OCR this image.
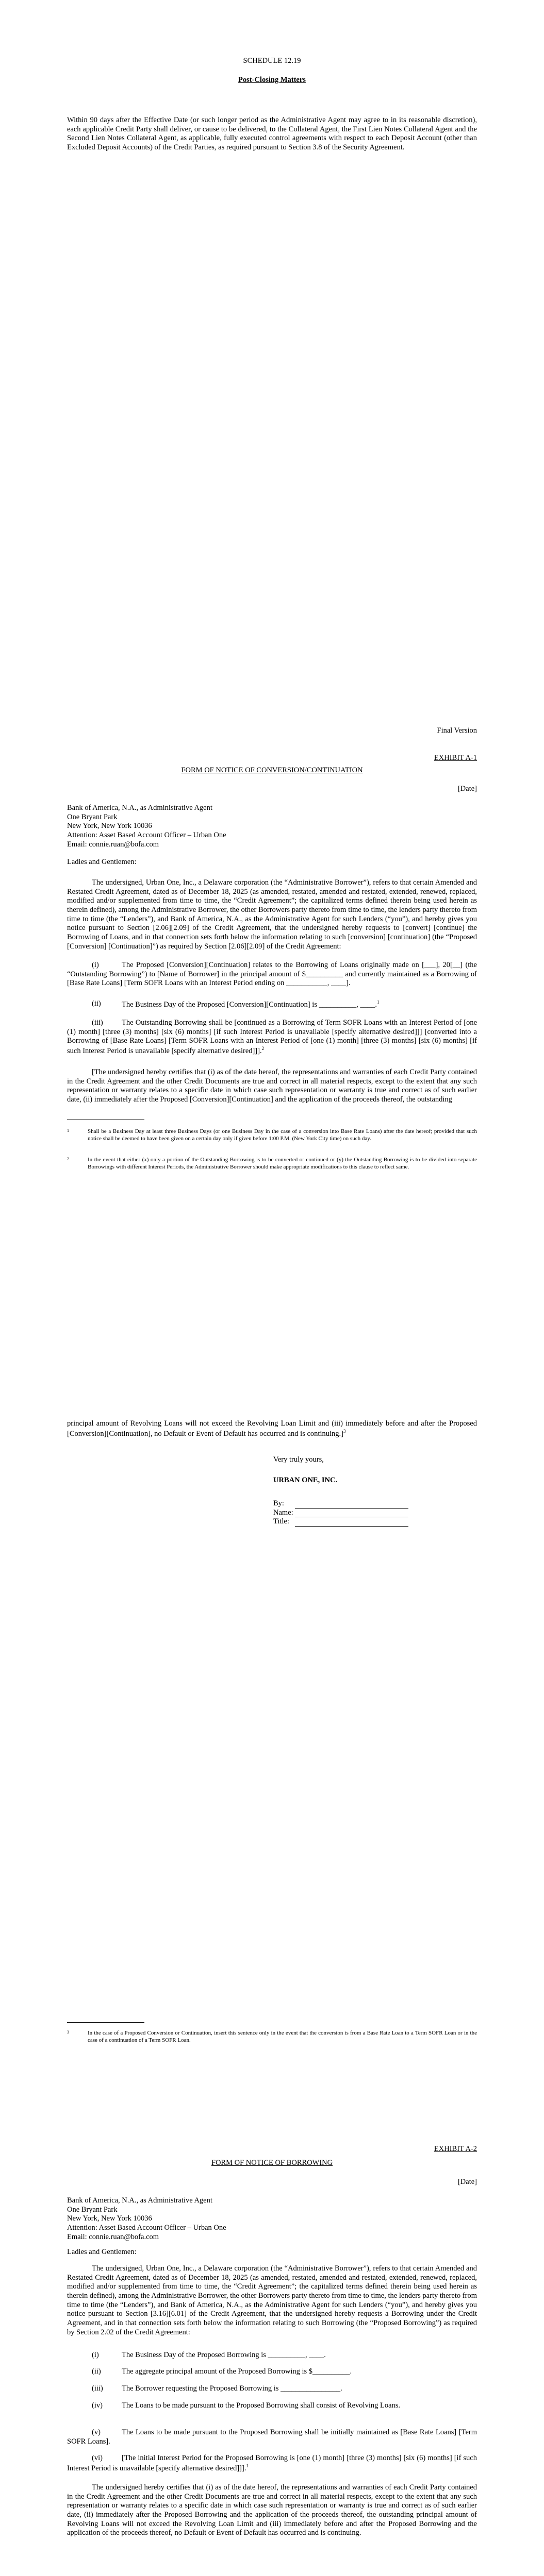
SCHEDULE 12.19

Post-Closing Matters

Within 90 days after the Effective Date (or such longer period as the Administrative Agent may agree to in its reasonable discretion), each applicable Credit Party shall deliver, or cause to be delivered, to the Collateral Agent, the First Lien Notes Collateral Agent and the Second Lien Notes Collateral Agent, as applicable, fully executed control agreements with respect to each Deposit Account (other than Excluded Deposit Accounts) of the Credit Parties, as required pursuant to Section 3.8 of the Security Agreement.

Final Version

EXHIBIT A-1

FORM OF NOTICE OF CONVERSION/CONTINUATION

[Date]

Bank of America, N.A., as Administrative Agent
One Bryant Park
New York, New York 10036
Attention: Asset Based Account Officer – Urban One
Email: connie.ruan@bofa.com

Ladies and Gentlemen:

The undersigned, Urban One, Inc., a Delaware corporation (the “Administrative Borrower”), refers to that certain Amended and Restated Credit Agreement, dated as of December 18, 2025 (as amended, restated, amended and restated, extended, renewed, replaced, modified and/or supplemented from time to time, the “Credit Agreement”; the capitalized terms defined therein being used herein as therein defined), among the Administrative Borrower, the other Borrowers party thereto from time to time, the lenders party thereto from time to time (the “Lenders”), and Bank of America, N.A., as the Administrative Agent for such Lenders (“you”), and hereby gives you notice pursuant to Section [2.06][2.09] of the Credit Agreement, that the undersigned hereby requests to [convert] [continue] the Borrowing of Loans, and in that connection sets forth below the information relating to such [conversion] [continuation] (the “Proposed [Conversion] [Continuation]”) as required by Section [2.06][2.09] of the Credit Agreement:

(i)	The Proposed [Conversion][Continuation] relates to the Borrowing of Loans originally made on [___], 20[__] (the “Outstanding Borrowing”) to [Name of Borrower] in the principal amount of $__________ and currently maintained as a Borrowing of [Base Rate Loans] [Term SOFR Loans with an Interest Period ending on ___________, ____].

(ii)	The Business Day of the Proposed [Conversion][Continuation] is __________, ____.$^1$

(iii)	The Outstanding Borrowing shall be [continued as a Borrowing of Term SOFR Loans with an Interest Period of [one (1) month] [three (3) months] [six (6) months] [if such Interest Period is unavailable [specify alternative desired]]] [converted into a Borrowing of [Base Rate Loans] [Term SOFR Loans with an Interest Period of [one (1) month] [three (3) months] [six (6) months] [if such Interest Period is unavailable [specify alternative desired]]].$^2$

[The undersigned hereby certifies that (i) as of the date hereof, the representations and warranties of each Credit Party contained in the Credit Agreement and the other Credit Documents are true and correct in all material respects, except to the extent that any such representation or warranty relates to a specific date in which case such representation or warranty is true and correct as of such earlier date, (ii) immediately after the Proposed [Conversion][Continuation] and the application of the proceeds thereof, the outstanding

1	Shall be a Business Day at least three Business Days (or one Business Day in the case of a conversion into Base Rate Loans) after the date hereof; provided that such notice shall be deemed to have been given on a certain day only if given before 1:00 P.M. (New York City time) on such day.
2	In the event that either (x) only a portion of the Outstanding Borrowing is to be converted or continued or (y) the Outstanding Borrowing is to be divided into separate Borrowings with different Interest Periods, the Administrative Borrower should make appropriate modifications to this clause to reflect same.

principal amount of Revolving Loans will not exceed the Revolving Loan Limit and (iii) immediately before and after the Proposed [Conversion][Continuation], no Default or Event of Default has occurred and is continuing.]$^3$

Very truly yours,

URBAN ONE, INC.

By:
Name:
Title:
3	In the case of a Proposed Conversion or Continuation, insert this sentence only in the event that the conversion is from a Base Rate Loan to a Term SOFR Loan or in the case of a continuation of a Term SOFR Loan.

EXHIBIT A-2

FORM OF NOTICE OF BORROWING

[Date]

Bank of America, N.A., as Administrative Agent
One Bryant Park
New York, New York 10036
Attention: Asset Based Account Officer – Urban One
Email: connie.ruan@bofa.com

Ladies and Gentlemen:

The undersigned, Urban One, Inc., a Delaware corporation (the “Administrative Borrower”), refers to that certain Amended and Restated Credit Agreement, dated as of December 18, 2025 (as amended, restated, amended and restated, extended, renewed, replaced, modified and/or supplemented from time to time, the “Credit Agreement”; the capitalized terms defined therein being used herein as therein defined), among the Administrative Borrower, the other Borrowers party thereto from time to time, the lenders party thereto from time to time (the “Lenders”), and Bank of America, N.A., as the Administrative Agent for such Lenders (“you”), and hereby gives you notice pursuant to Section [3.16][6.01] of the Credit Agreement, that the undersigned hereby requests a Borrowing under the Credit Agreement, and in that connection sets forth below the information relating to such Borrowing (the “Proposed Borrowing”) as required by Section 2.02 of the Credit Agreement:

(i)	The Business Day of the Proposed Borrowing is __________, ____.

(ii)	The aggregate principal amount of the Proposed Borrowing is $__________.

(iii)	The Borrower requesting the Proposed Borrowing is ________________.

(iv)	The Loans to be made pursuant to the Proposed Borrowing shall consist of Revolving Loans.

(v)	The Loans to be made pursuant to the Proposed Borrowing shall be initially maintained as [Base Rate Loans] [Term SOFR Loans].

(vi)	[The initial Interest Period for the Proposed Borrowing is [one (1) month] [three (3) months] [six (6) months] [if such Interest Period is unavailable [specify alternative desired]]].$^1$

The undersigned hereby certifies that (i) as of the date hereof, the representations and warranties of each Credit Party contained in the Credit Agreement and the other Credit Documents are true and correct in all material respects, except to the extent that any such representation or warranty relates to a specific date in which case such representation or warranty is true and correct as of such earlier date, (ii) immediately after the Proposed Borrowing and the application of the proceeds thereof, the outstanding principal amount of Revolving Loans will not exceed the Revolving Loan Limit and (iii) immediately before and after the Proposed Borrowing and the application of the proceeds thereof, no Default or Event of Default has occurred and is continuing.
